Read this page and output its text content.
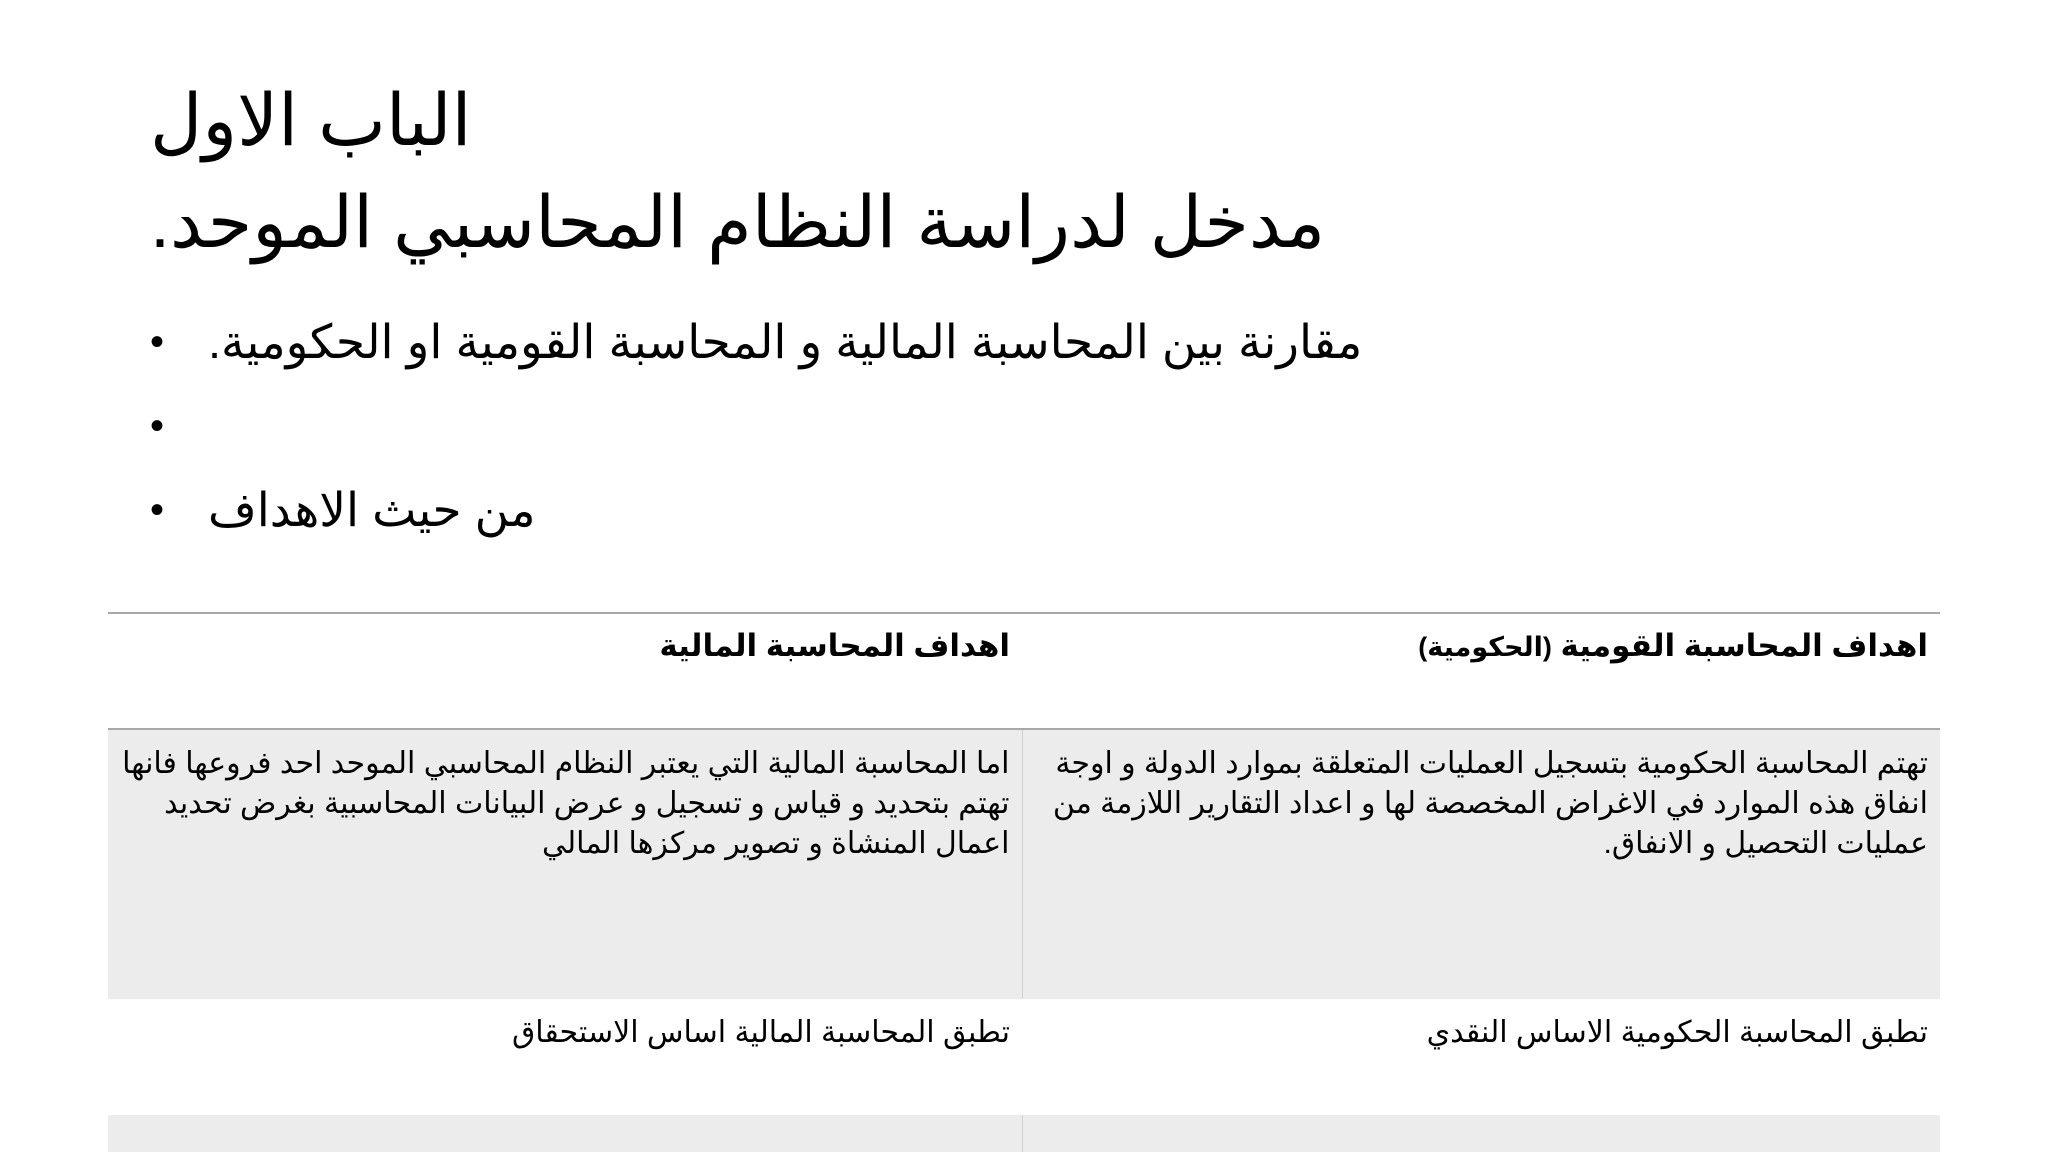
الباب الاول
مدخل لدراسة النظام المحاسبي الموحد.
• مقارنة بين المحاسبة المالية و المحاسبة القومية او الحكومية.
•
• من حيث الاهداف
اهداف المحاسبة القومية (الحكومية)	اهداف المحاسبة المالية
تهتم المحاسبة الحكومية بتسجيل العمليات المتعلقة بموارد الدولة و اوجة انفاق هذه الموارد في الاغراض المخصصة لها و اعداد التقارير اللازمة من عمليات التحصيل و الانفاق.	اما المحاسبة المالية التي يعتبر النظام المحاسبي الموحد احد فروعها فانها تهتم بتحديد و قياس و تسجيل و عرض البيانات المحاسبية بغرض تحديد اعمال المنشاة و تصوير مركزها المالي
تطبق المحاسبة الحكومية الاساس النقدي	تطبق المحاسبة المالية اساس الاستحقاق
